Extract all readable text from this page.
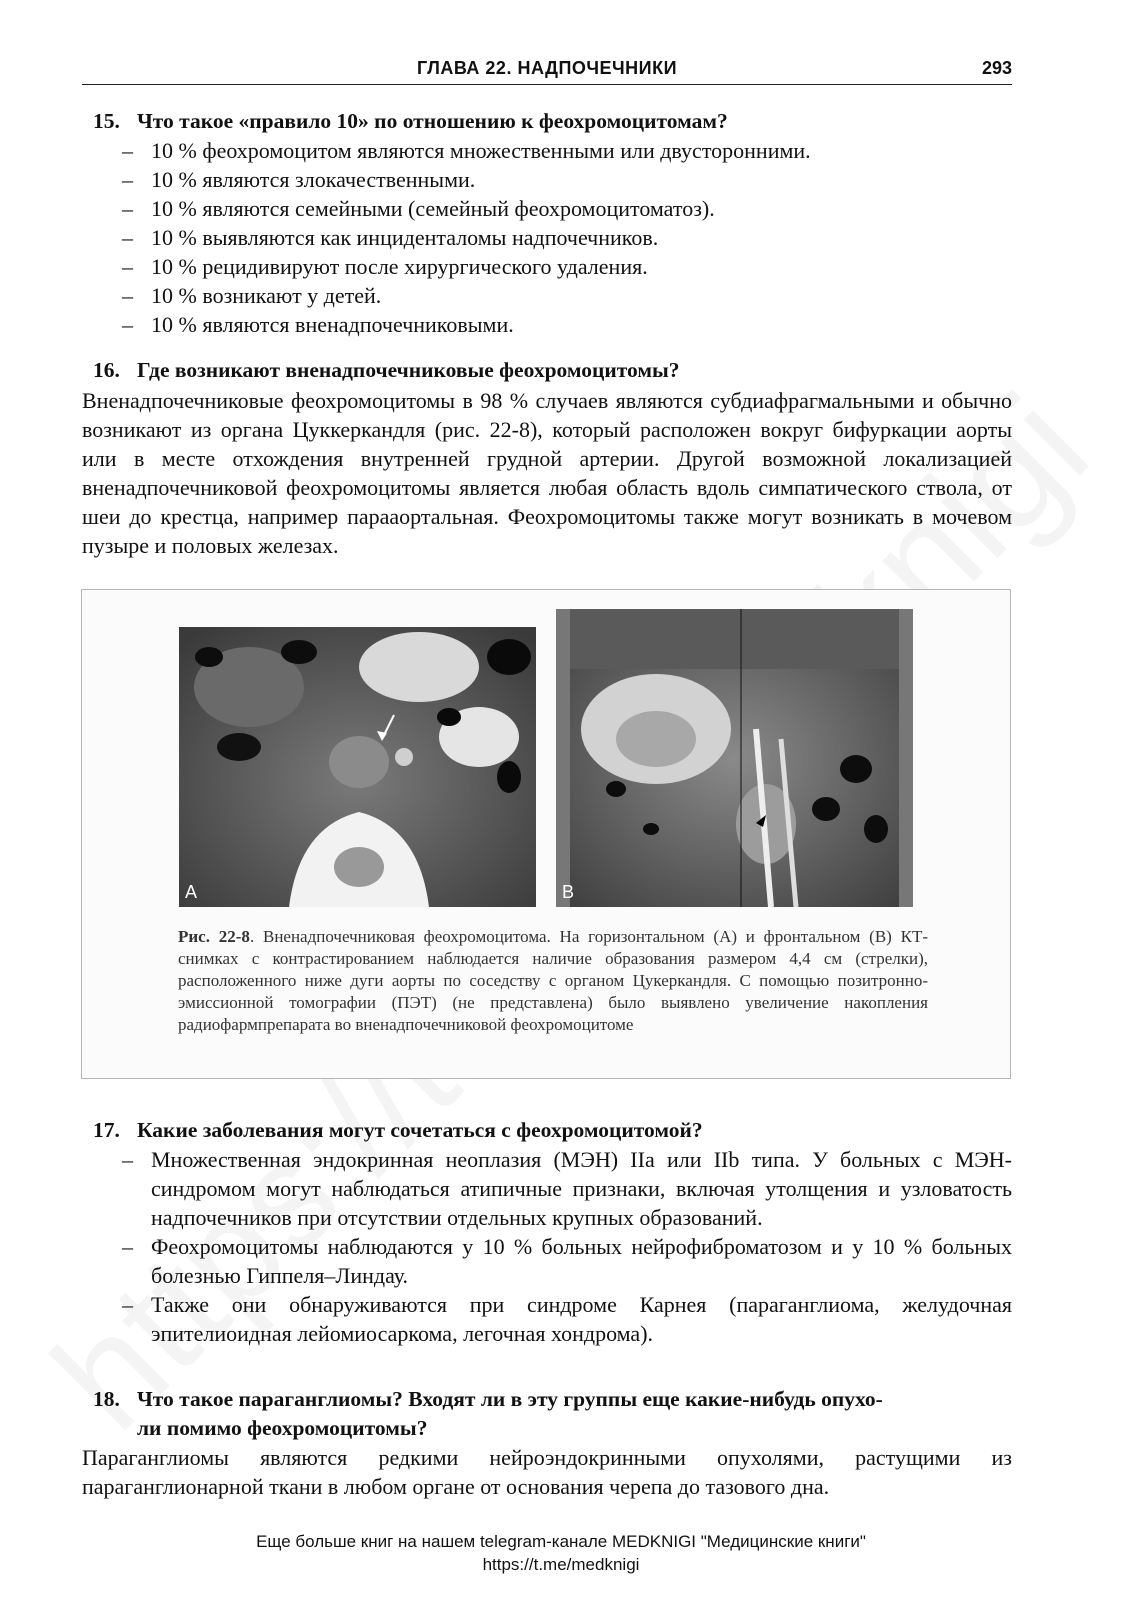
ГЛАВА 22. НАДПОЧЕЧНИКИ	293
15. Что такое «правило 10» по отношению к феохромоцитомам?
– 10 % феохромоцитом являются множественными или двусторонними.
– 10 % являются злокачественными.
– 10 % являются семейными (семейный феохромоцитоматоз).
– 10 % выявляются как инциденталомы надпочечников.
– 10 % рецидивируют после хирургического удаления.
– 10 % возникают у детей.
– 10 % являются вненадпочечниковыми.
16. Где возникают вненадпочечниковые феохромоцитомы?

Вненадпочечниковые феохромоцитомы в 98 % случаев являются субдиафрагмальными и обычно возникают из органа Цуккеркандля (рис. 22-8), который расположен вокруг бифуркации аорты или в месте отхождения внутренней грудной артерии. Другой возможной локализацией вненадпочечниковой феохромоцитомы является любая область вдоль симпатического ствола, от шеи до крестца, например парааортальная. Феохромоцитомы также могут возникать в мочевом пузыре и половых железах.

A	B
Рис. 22-8. Вненадпочечниковая феохромоцитома. На горизонтальном (A) и фронтальном (B) КТ-снимках с контрастированием наблюдается наличие образования размером 4,4 см (стрелки), расположенного ниже дуги аорты по соседству с органом Цукеркандля. С помощью позитронно-эмиссионной томографии (ПЭТ) (не представлена) было выявлено увеличение накопления радиофармпрепарата во вненадпочечниковой феохромоцитоме
17. Какие заболевания могут сочетаться с феохромоцитомой?
– Множественная эндокринная неоплазия (МЭН) IIa или IIb типа. У больных с МЭН-синдромом могут наблюдаться атипичные признаки, включая утолщения и узловатость надпочечников при отсутствии отдельных крупных образований.
– Феохромоцитомы наблюдаются у 10 % больных нейрофиброматозом и у 10 % больных болезнью Гиппеля–Линдау.
– Также они обнаруживаются при синдроме Карнея (параганглиома, желудочная эпителиоидная лейомиосаркома, легочная хондрома).
18. Что такое параганглиомы? Входят ли в эту группы еще какие-нибудь опухо-
ли помимо феохромоцитомы?

Параганглиомы являются редкими нейроэндокринными опухолями, растущими из параганглионарной ткани в любом органе от основания черепа до тазового дна.

Еще больше книг на нашем telegram-канале MEDKNIGI "Медицинские книги"
https://t.me/medknigi
